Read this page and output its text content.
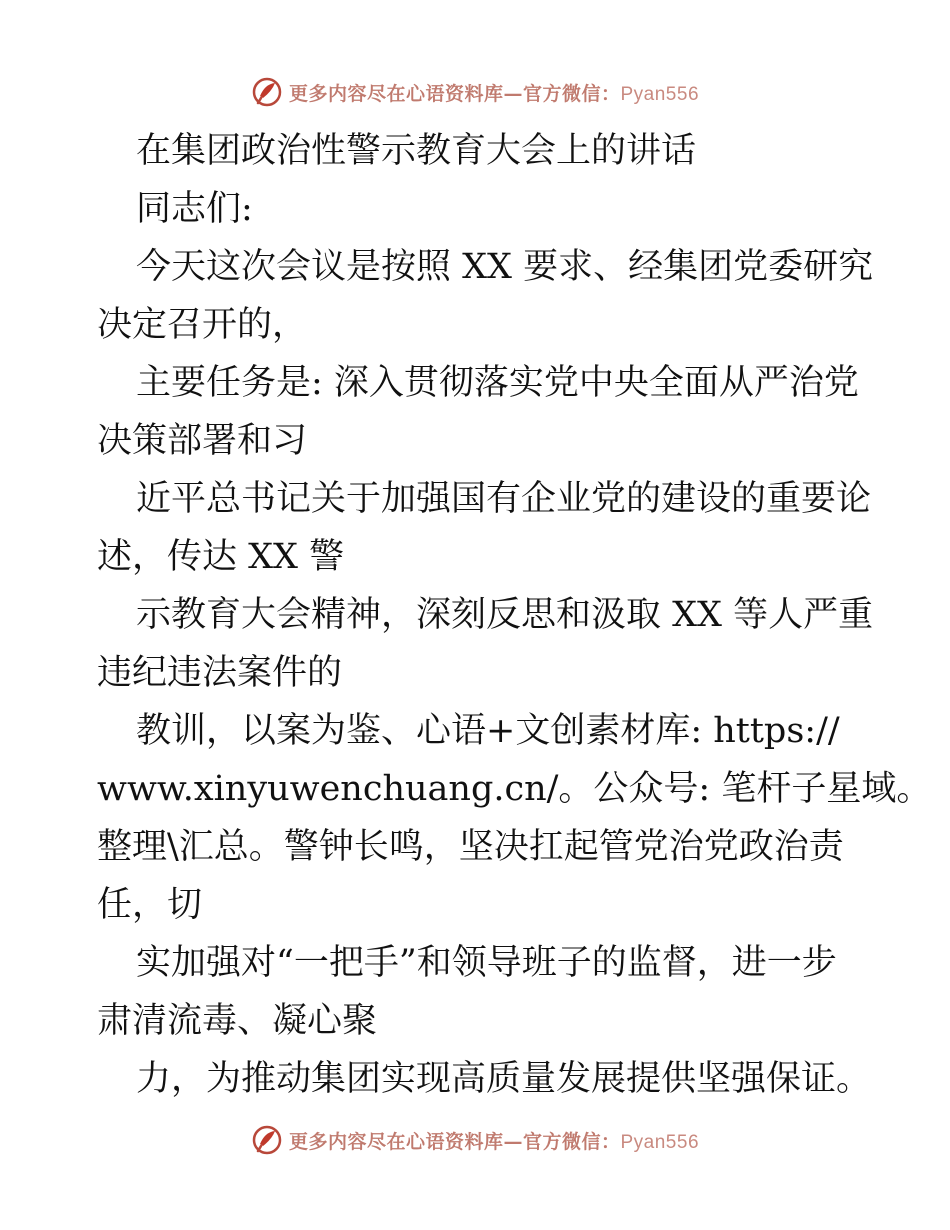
更多内容尽在心语资料库—官方微信：Pyan556
在集团政治性警示教育大会上的讲话
同志们:
今天这次会议是按照 XX 要求、经集团党委研究
决定召开的，
主要任务是: 深入贯彻落实党中央全面从严治党
决策部署和习
近平总书记关于加强国有企业党的建设的重要论
述，传达 XX 警
示教育大会精神，深刻反思和汲取 XX 等人严重
违纪违法案件的
教训，以案为鉴、心语+文创素材库: https://
www.xinyuwenchuang.cn/。公众号: 笔杆子星域。
整理\汇总。警钟长鸣，坚决扛起管党治党政治责
任，切
实加强对“一把手”和领导班子的监督，进一步
肃清流毒、凝心聚
力，为推动集团实现高质量发展提供坚强保证。
更多内容尽在心语资料库—官方微信：Pyan556
